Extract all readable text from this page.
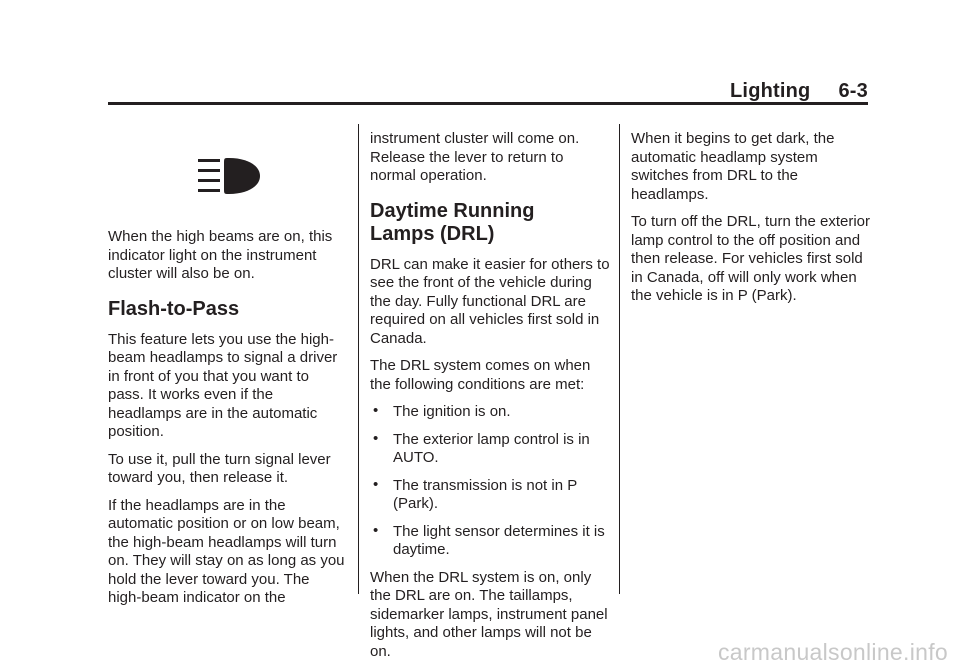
Lighting 6-3

When the high beams are on, this indicator light on the instrument cluster will also be on.

Flash-to-Pass

This feature lets you use the high-beam headlamps to signal a driver in front of you that you want to pass. It works even if the headlamps are in the automatic position.

To use it, pull the turn signal lever toward you, then release it.

If the headlamps are in the automatic position or on low beam, the high-beam headlamps will turn on. They will stay on as long as you hold the lever toward you. The high-beam indicator on the

instrument cluster will come on. Release the lever to return to normal operation.

Daytime Running
Lamps (DRL)

DRL can make it easier for others to see the front of the vehicle during the day. Fully functional DRL are required on all vehicles first sold in Canada.

The DRL system comes on when the following conditions are met:

• The ignition is on.
• The exterior lamp control is in AUTO.
• The transmission is not in P (Park).
• The light sensor determines it is daytime.

When the DRL system is on, only the DRL are on. The taillamps, sidemarker lamps, instrument panel lights, and other lamps will not be on.

When it begins to get dark, the automatic headlamp system switches from DRL to the headlamps.

To turn off the DRL, turn the exterior lamp control to the off position and then release. For vehicles first sold in Canada, off will only work when the vehicle is in P (Park).

carmanualsonline.info
